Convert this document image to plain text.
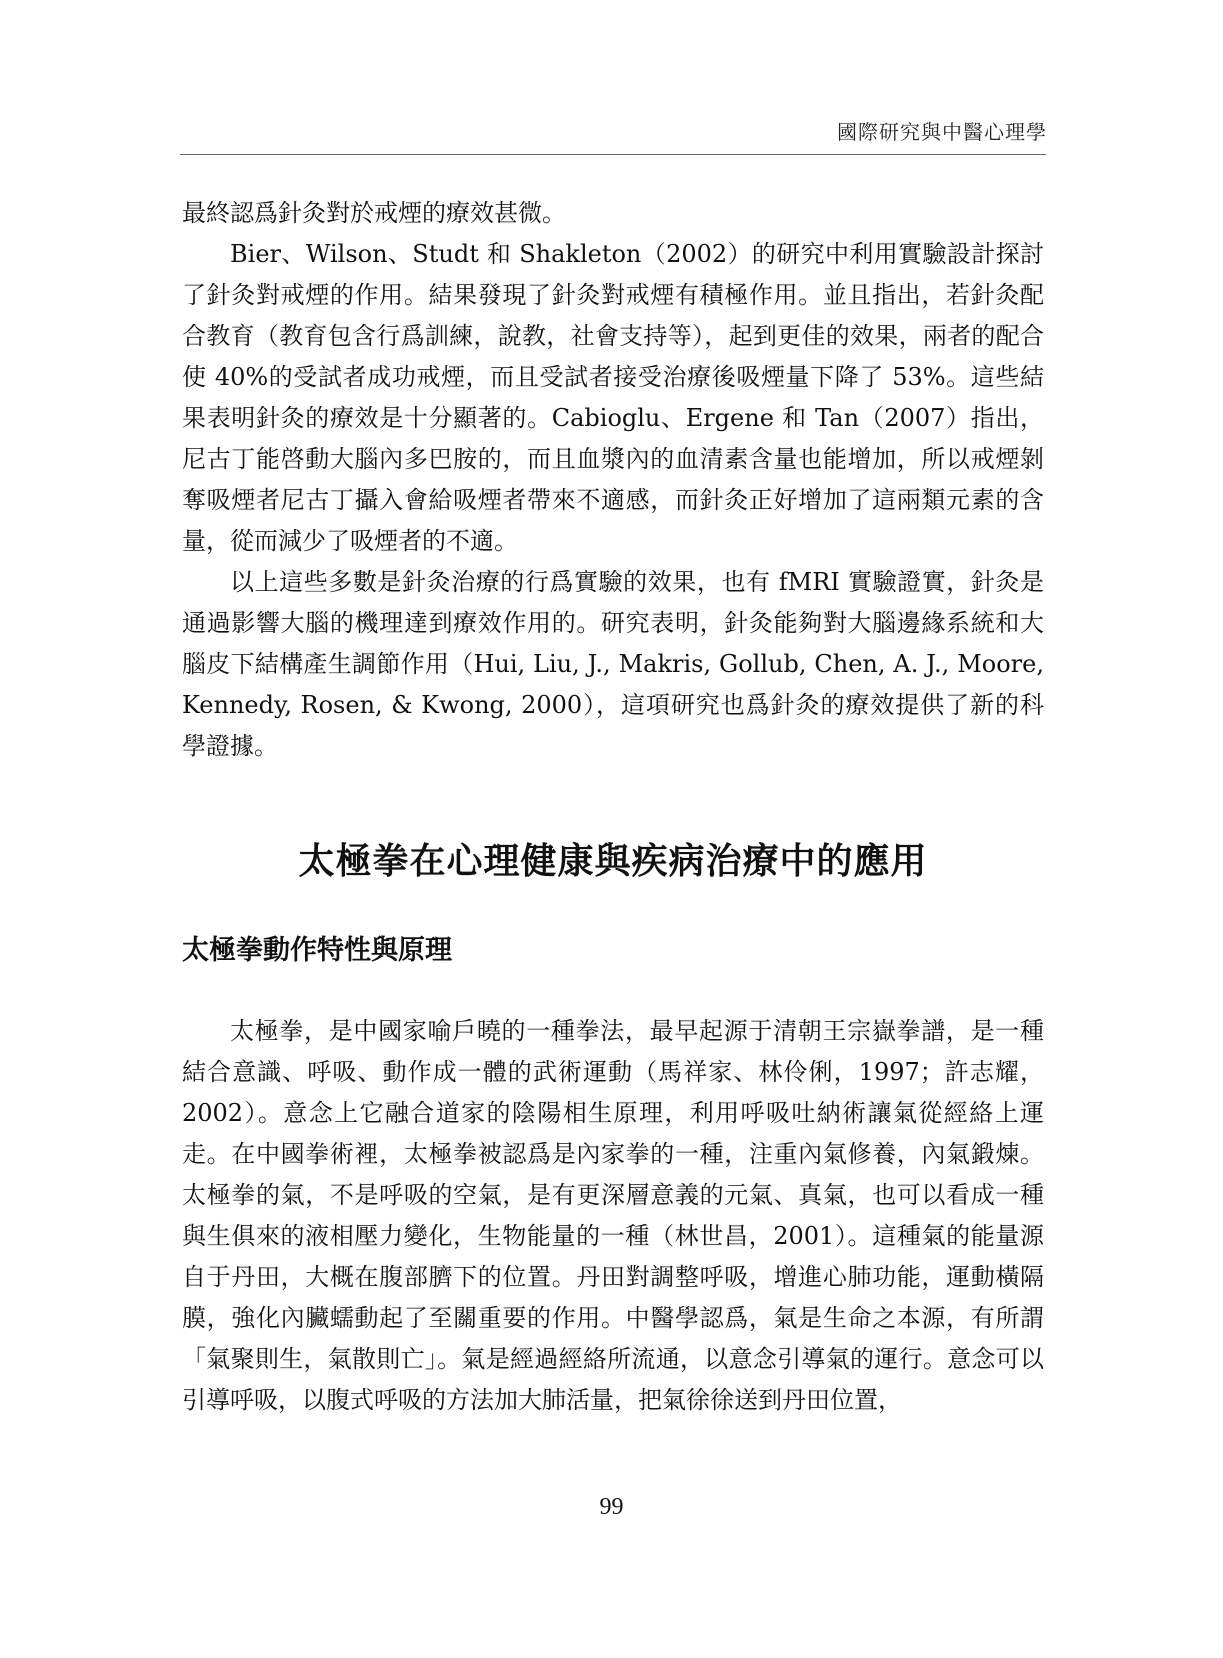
國際研究與中醫心理學

最終認爲針灸對於戒煙的療效甚微。

Bier、Wilson、Studt 和 Shakleton（2002）的研究中利用實驗設計探討了針灸對戒煙的作用。結果發現了針灸對戒煙有積極作用。並且指出，若針灸配合教育（教育包含行爲訓練，說教，社會支持等），起到更佳的效果，兩者的配合使 40%的受試者成功戒煙，而且受試者接受治療後吸煙量下降了 53%。這些結果表明針灸的療效是十分顯著的。Cabioglu、Ergene 和 Tan（2007）指出，尼古丁能啓動大腦內多巴胺的，而且血漿內的血清素含量也能增加，所以戒煙剝奪吸煙者尼古丁攝入會給吸煙者帶來不適感，而針灸正好增加了這兩類元素的含量，從而減少了吸煙者的不適。

以上這些多數是針灸治療的行爲實驗的效果，也有 fMRI 實驗證實，針灸是通過影響大腦的機理達到療效作用的。研究表明，針灸能夠對大腦邊緣系統和大腦皮下結構產生調節作用（Hui, Liu, J., Makris, Gollub, Chen, A. J., Moore, Kennedy, Rosen, & Kwong, 2000），這項研究也爲針灸的療效提供了新的科學證據。

太極拳在心理健康與疾病治療中的應用
太極拳動作特性與原理

太極拳，是中國家喻戶曉的一種拳法，最早起源于清朝王宗嶽拳譜，是一種結合意識、呼吸、動作成一體的武術運動（馬祥家、林伶俐，1997；許志耀，2002）。意念上它融合道家的陰陽相生原理，利用呼吸吐納術讓氣從經絡上運走。在中國拳術裡，太極拳被認爲是內家拳的一種，注重內氣修養，內氣鍛煉。太極拳的氣，不是呼吸的空氣，是有更深層意義的元氣、真氣，也可以看成一種與生俱來的液相壓力變化，生物能量的一種（林世昌，2001）。這種氣的能量源自于丹田，大概在腹部臍下的位置。丹田對調整呼吸，增進心肺功能，運動橫隔膜，強化內臟蠕動起了至關重要的作用。中醫學認爲，氣是生命之本源，有所謂「氣聚則生，氣散則亡」。氣是經過經絡所流通，以意念引導氣的運行。意念可以引導呼吸，以腹式呼吸的方法加大肺活量，把氣徐徐送到丹田位置，

99
